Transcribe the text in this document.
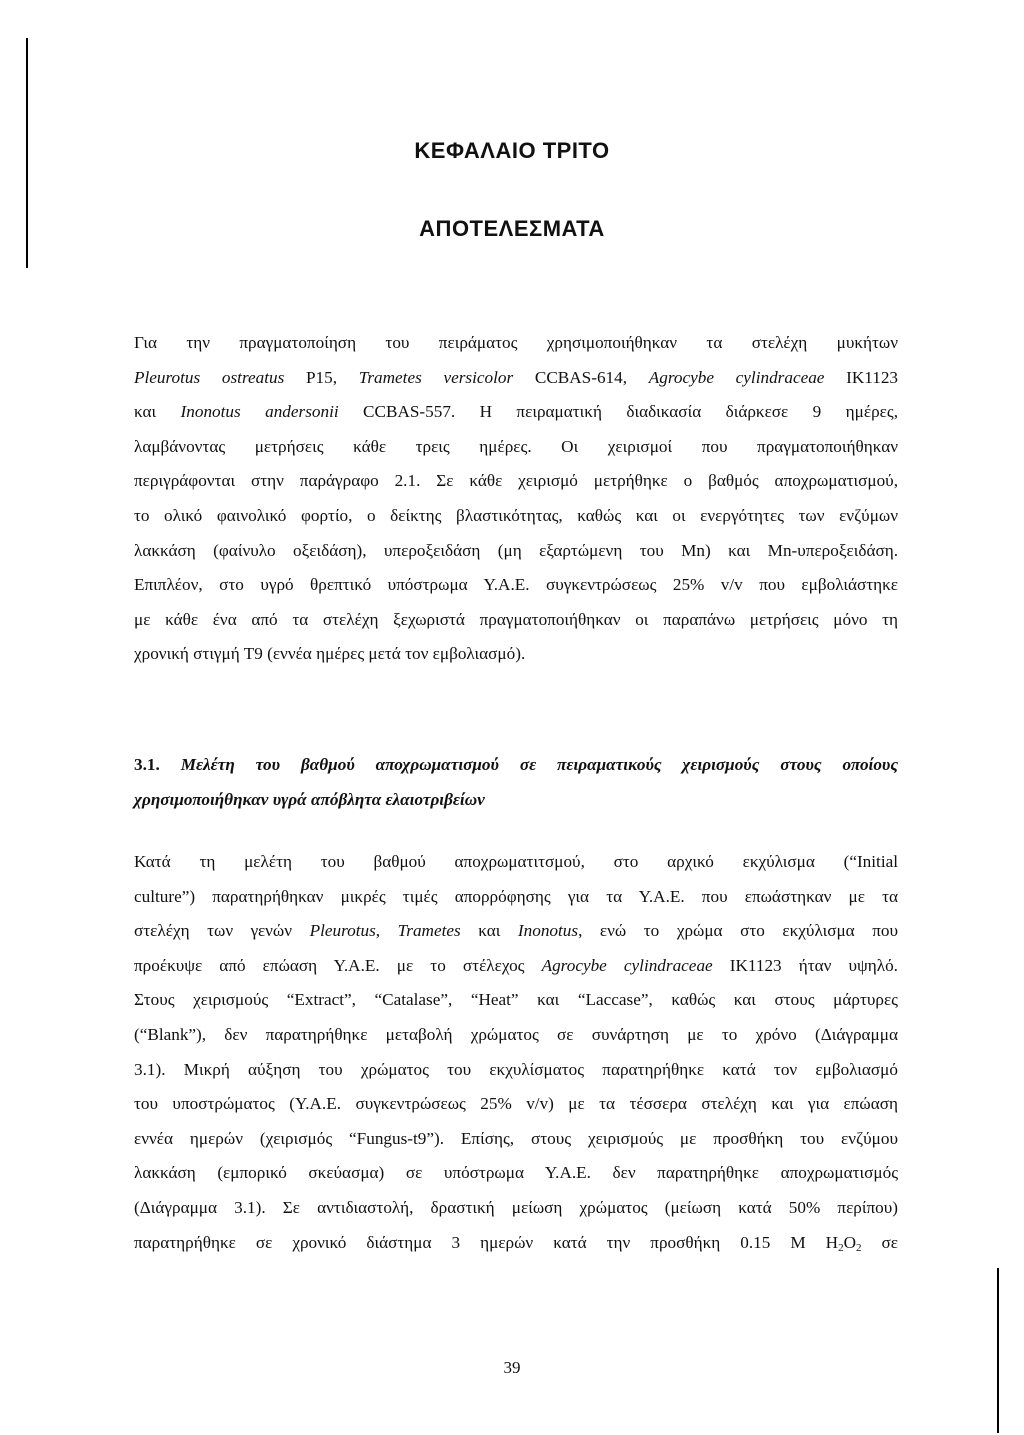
ΚΕΦΑΛΑΙΟ ΤΡΙΤΟ
ΑΠΟΤΕΛΕΣΜΑΤΑ
Για την πραγματοποίηση του πειράματος χρησιμοποιήθηκαν τα στελέχη μυκήτων
Pleurotus ostreatus P15, Trametes versicolor CCBAS-614, Agrocybe cylindraceae IK1123
και Inonotus andersonii CCBAS-557. Η πειραματική διαδικασία διάρκεσε 9 ημέρες,
λαμβάνοντας μετρήσεις κάθε τρεις ημέρες. Οι χειρισμοί που πραγματοποιήθηκαν
περιγράφονται στην παράγραφο 2.1. Σε κάθε χειρισμό μετρήθηκε ο βαθμός αποχρωματισμού,
το ολικό φαινολικό φορτίο, ο δείκτης βλαστικότητας, καθώς και οι ενεργότητες των ενζύμων
λακκάση (φαίνυλο οξειδάση), υπεροξειδάση (μη εξαρτώμενη του Mn) και Mn-υπεροξειδάση.
Επιπλέον, στο υγρό θρεπτικό υπόστρωμα Υ.Α.Ε. συγκεντρώσεως 25% v/v που εμβολιάστηκε
με κάθε ένα από τα στελέχη ξεχωριστά πραγματοποιήθηκαν οι παραπάνω μετρήσεις μόνο τη
χρονική στιγμή Τ9 (εννέα ημέρες μετά τον εμβολιασμό).
3.1. Μελέτη του βαθμού αποχρωματισμού σε πειραματικούς χειρισμούς στους οποίους
χρησιμοποιήθηκαν υγρά απόβλητα ελαιοτριβείων
Κατά τη μελέτη του βαθμού αποχρωματιτσμού, στο αρχικό εκχύλισμα (“Initial
culture”) παρατηρήθηκαν μικρές τιμές απορρόφησης για τα Υ.Α.Ε. που επωάστηκαν με τα
στελέχη των γενών Pleurotus, Trametes και Inonotus, ενώ το χρώμα στο εκχύλισμα που
προέκυψε από επώαση Υ.Α.Ε. με το στέλεχος Agrocybe cylindraceae IK1123 ήταν υψηλό.
Στους χειρισμούς “Extract”, “Catalase”, “Heat” και “Laccase”, καθώς και στους μάρτυρες
(“Blank”), δεν παρατηρήθηκε μεταβολή χρώματος σε συνάρτηση με το χρόνο (Διάγραμμα
3.1). Μικρή αύξηση του χρώματος του εκχυλίσματος παρατηρήθηκε κατά τον εμβολιασμό
του υποστρώματος (Υ.Α.Ε. συγκεντρώσεως 25% v/v) με τα τέσσερα στελέχη και για επώαση
εννέα ημερών (χειρισμός “Fungus-t9”). Επίσης, στους χειρισμούς με προσθήκη του ενζύμου
λακκάση (εμπορικό σκεύασμα) σε υπόστρωμα Υ.Α.Ε. δεν παρατηρήθηκε αποχρωματισμός
(Διάγραμμα 3.1). Σε αντιδιαστολή, δραστική μείωση χρώματος (μείωση κατά 50% περίπου)
παρατηρήθηκε σε χρονικό διάστημα 3 ημερών κατά την προσθήκη 0.15 M $H_2O_2$ σε
39
